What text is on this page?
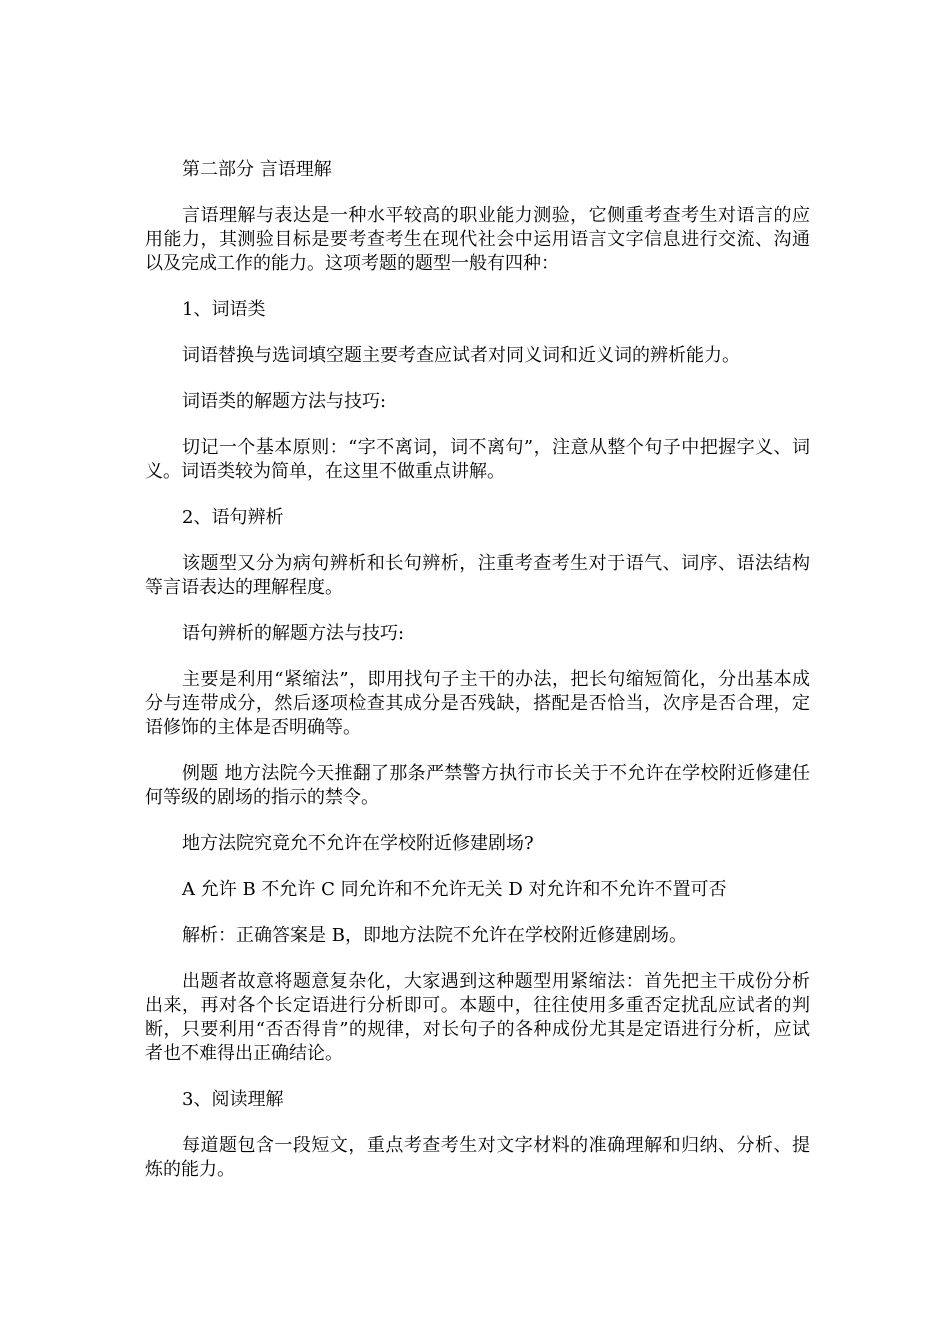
第二部分 言语理解

言语理解与表达是一种水平较高的职业能力测验，它侧重考查考生对语言的应用能力，其测验目标是要考查考生在现代社会中运用语言文字信息进行交流、沟通以及完成工作的能力。这项考题的题型一般有四种：

1、词语类

词语替换与选词填空题主要考查应试者对同义词和近义词的辨析能力。

词语类的解题方法与技巧:

切记一个基本原则：“字不离词，词不离句”，注意从整个句子中把握字义、词义。词语类较为简单，在这里不做重点讲解。

2、语句辨析

该题型又分为病句辨析和长句辨析，注重考查考生对于语气、词序、语法结构等言语表达的理解程度。

语句辨析的解题方法与技巧:

主要是利用“紧缩法”，即用找句子主干的办法，把长句缩短简化，分出基本成分与连带成分，然后逐项检查其成分是否残缺，搭配是否恰当，次序是否合理，定语修饰的主体是否明确等。

例题 地方法院今天推翻了那条严禁警方执行市长关于不允许在学校附近修建任何等级的剧场的指示的禁令。

地方法院究竟允不允许在学校附近修建剧场?

A 允许 B 不允许 C 同允许和不允许无关 D 对允许和不允许不置可否

解析：正确答案是 B，即地方法院不允许在学校附近修建剧场。

出题者故意将题意复杂化，大家遇到这种题型用紧缩法：首先把主干成份分析出来，再对各个长定语进行分析即可。本题中，往往使用多重否定扰乱应试者的判断，只要利用“否否得肯”的规律，对长句子的各种成份尤其是定语进行分析，应试者也不难得出正确结论。

3、阅读理解

每道题包含一段短文，重点考查考生对文字材料的准确理解和归纳、分析、提炼的能力。
